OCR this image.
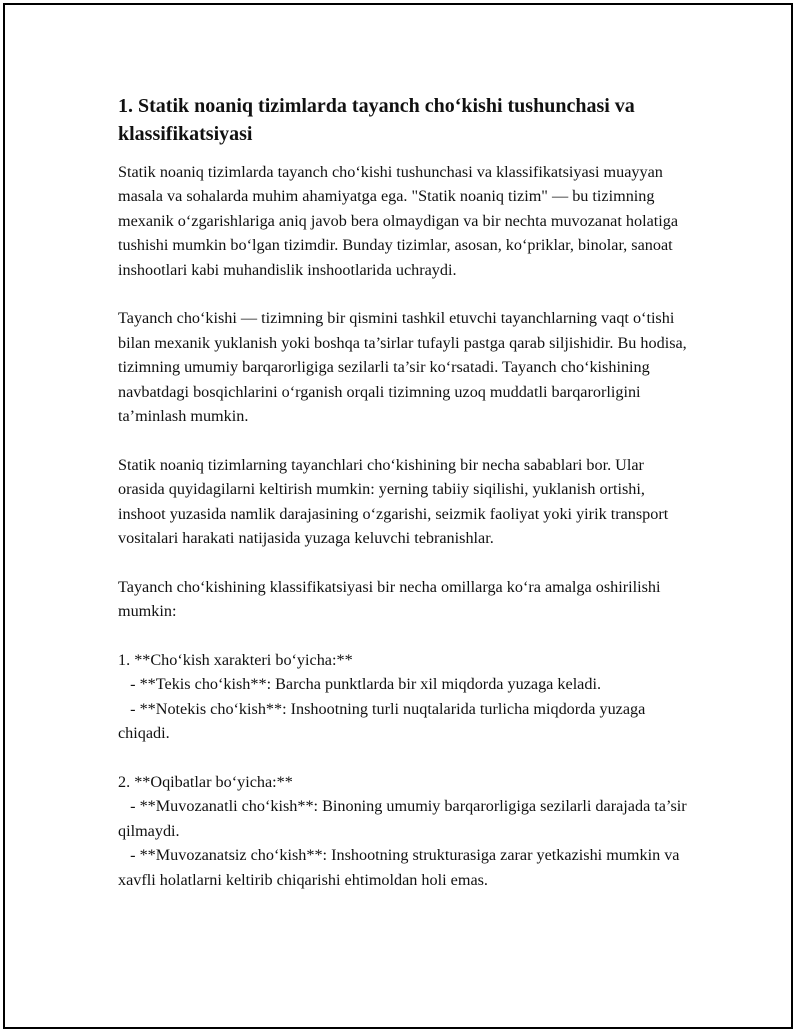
1. Statik noaniq tizimlarda tayanch cho‘kishi tushunchasi va klassifikatsiyasi

Statik noaniq tizimlarda tayanch cho‘kishi tushunchasi va klassifikatsiyasi muayyan masala va sohalarda muhim ahamiyatga ega. "Statik noaniq tizim" — bu tizimning mexanik o‘zgarishlariga aniq javob bera olmaydigan va bir nechta muvozanat holatiga tushishi mumkin bo‘lgan tizimdir. Bunday tizimlar, asosan, ko‘priklar, binolar, sanoat inshootlari kabi muhandislik inshootlarida uchraydi.

Tayanch cho‘kishi — tizimning bir qismini tashkil etuvchi tayanchlarning vaqt o‘tishi bilan mexanik yuklanish yoki boshqa ta’sirlar tufayli pastga qarab siljishidir. Bu hodisa, tizimning umumiy barqarorligiga sezilarli ta’sir ko‘rsatadi. Tayanch cho‘kishining navbatdagi bosqichlarini o‘rganish orqali tizimning uzoq muddatli barqarorligini ta’minlash mumkin.

Statik noaniq tizimlarning tayanchlari cho‘kishining bir necha sabablari bor. Ular orasida quyidagilarni keltirish mumkin: yerning tabiiy siqilishi, yuklanish ortishi, inshoot yuzasida namlik darajasining o‘zgarishi, seizmik faoliyat yoki yirik transport vositalari harakati natijasida yuzaga keluvchi tebranishlar.

Tayanch cho‘kishining klassifikatsiyasi bir necha omillarga ko‘ra amalga oshirilishi mumkin:

1. **Cho‘kish xarakteri bo‘yicha:**

- **Tekis cho‘kish**: Barcha punktlarda bir xil miqdorda yuzaga keladi.

- **Notekis cho‘kish**: Inshootning turli nuqtalarida turlicha miqdorda yuzaga chiqadi.

2. **Oqibatlar bo‘yicha:**

- **Muvozanatli cho‘kish**: Binoning umumiy barqarorligiga sezilarli darajada ta’sir qilmaydi.

- **Muvozanatsiz cho‘kish**: Inshootning strukturasiga zarar yetkazishi mumkin va xavfli holatlarni keltirib chiqarishi ehtimoldan holi emas.
